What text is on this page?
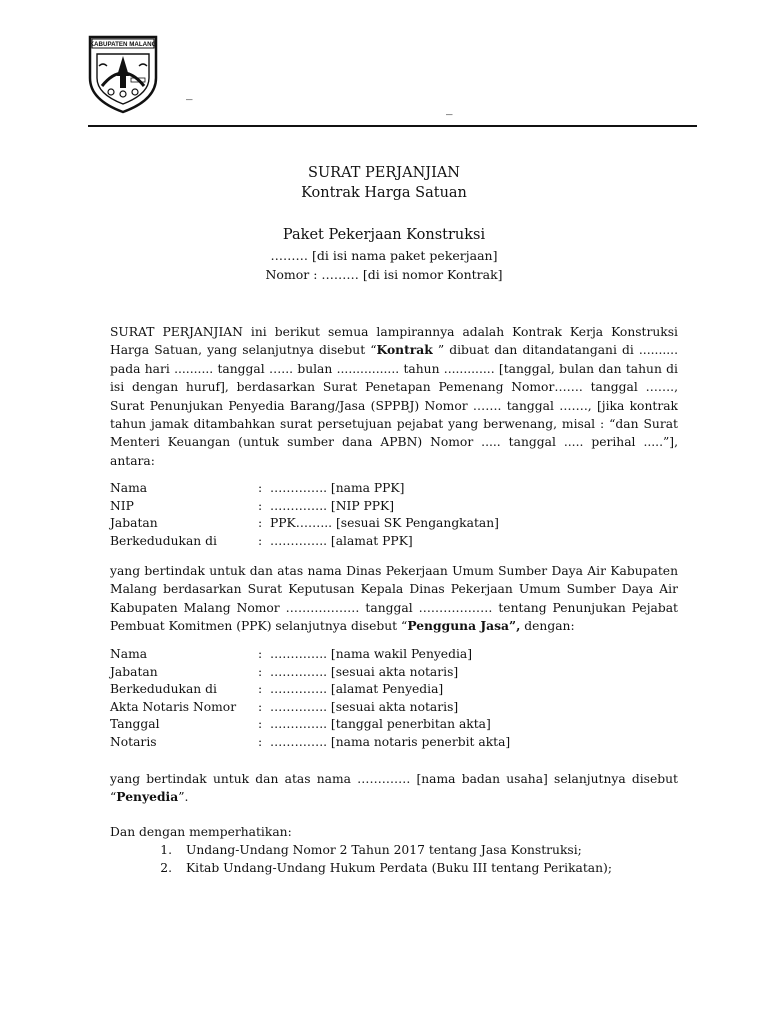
KABUPATEN MALANG
_
_
SURAT PERJANJIAN
Kontrak Harga Satuan
Paket Pekerjaan Konstruksi
……… [di isi nama paket pekerjaan]
Nomor : ……… [di isi nomor Kontrak]
SURAT PERJANJIAN ini berikut semua lampirannya adalah Kontrak Kerja Konstruksi Harga Satuan, yang selanjutnya disebut “Kontrak ” dibuat dan ditandatangani di .......... pada hari .......... tanggal …... bulan ................ tahun ............. [tanggal, bulan dan tahun di isi dengan huruf], berdasarkan Surat Penetapan Pemenang Nomor……. tanggal ……., Surat Penunjukan Penyedia Barang/Jasa (SPPBJ) Nomor ……. tanggal ……., [jika kontrak tahun jamak ditambahkan surat persetujuan pejabat yang berwenang, misal : “dan Surat Menteri Keuangan (untuk sumber dana APBN) Nomor ..... tanggal ..... perihal .....”], antara:
Nama	: ………….. [nama PPK]
NIP	: ………….. [NIP PPK]
Jabatan	: PPK……... [sesuai SK Pengangkatan]
Berkedudukan di	: ………….. [alamat PPK]
yang bertindak untuk dan atas nama Dinas Pekerjaan Umum Sumber Daya Air Kabupaten Malang berdasarkan Surat Keputusan Kepala Dinas Pekerjaan Umum Sumber Daya Air Kabupaten Malang Nomor ……………… tanggal ……………… tentang Penunjukan Pejabat Pembuat Komitmen (PPK) selanjutnya disebut “Pengguna Jasa”, dengan:
Nama	: ………….. [nama wakil Penyedia]
Jabatan	: ………….. [sesuai akta notaris]
Berkedudukan di	: ………….. [alamat Penyedia]
Akta Notaris Nomor	: ………….. [sesuai akta notaris]
Tanggal	: ………….. [tanggal penerbitan akta]
Notaris	: ………….. [nama notaris penerbit akta]
yang bertindak untuk dan atas nama …………. [nama badan usaha] selanjutnya disebut “Penyedia”.
Dan dengan memperhatikan:
1.	Undang-Undang Nomor 2 Tahun 2017 tentang Jasa Konstruksi;
2.	Kitab Undang-Undang Hukum Perdata (Buku III tentang Perikatan);
